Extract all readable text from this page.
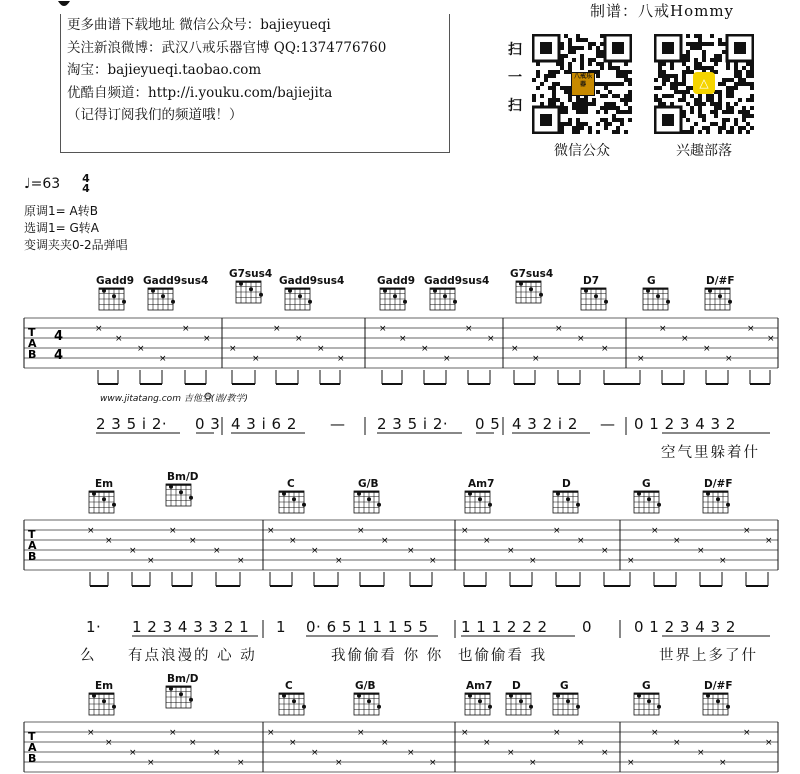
制谱：八戒Hommy
更多曲谱下载地址 微信公众号：bajieyueqi
关注新浪微博：武汉八戒乐器官博 QQ:1374776760
淘宝：bajieyueqi.taobao.com
优酷自频道：http://i.youku.com/bajiejita
（记得订阅我们的频道哦！）
扫
一
扫
微信公众	兴趣部落
♩=63 4
4
原调1= A转B
选调1= G转A
变调夹夹0-2品弹唱
Gadd9 Gadd9sus4
G7sus4
Gadd9sus4	Gadd9 Gadd9sus4
G7sus4
D7	G	D/#F
Em
Bm/D
C	G/B	Am7	D	G	D/#F
Em
Bm/D
C	G/B	Am7 D	G	G	D/#F
T
A
B
4
4
×
×
×
×
×
×
×
×
×
×
×
×
×
×
×
×
×
×
×
×
×
×
×
×
×
×
×
×
×
×
T
A
B
×
×
×
×
×
×
×
×
×
×
×
×
×
×
×
×
×
×
×
×
×
×
×
×
×
×
×
×
×
×
T
A
B
×
×
×
×
×
×
×
×
×
×
×
×
×
×
×
×
×
×
×
×
×
×
×
×
×
×
×
×
×
×
www.jitatang.com 吉他堂(谱/教学)
2 3 5 i 2· 0 3 4 3 i 6 2 — 2 3 5 i 2· 0 5 4 3 2 i 2 — 0 1 2 3 4 3 2
空气里躲着什
1· 1 2 3 4 3 3 2 1 1 0· 6 5 1 1 1 5 5 1 1 1 2 2 2 0	0 1 2 3 4 3 2
么 有点浪漫的 心 动	我偷偷看 你 你 也偷偷看 我	世界上多了什
八戒乐器	△
